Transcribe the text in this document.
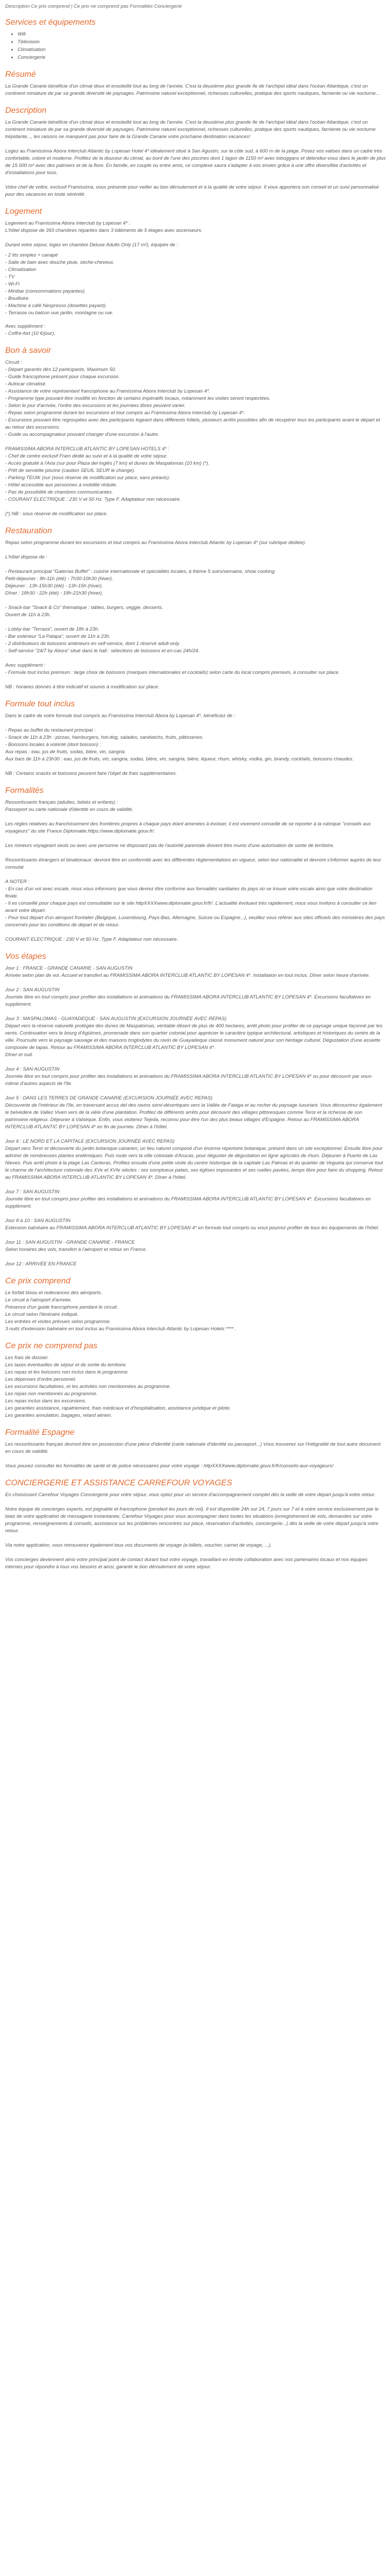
Description Ce prix comprend | Ce prix ne comprend pas Formalités Conciergerie
Services et équipements
• Wifi
• Télévision
• Climatisation
• Conciergerie
Résumé

La Grande Canarie bénéficie d'un climat doux et ensoleillé tout au long de l'année. C'est la deuxième plus grande île de l'archipel idéal dans l'océan Atlantique, c'est un continent miniature de par sa grande diversité de paysages. Patrimoine naturel exceptionnel, richesses culturelles, pratique des sports nautiques, farniente ou vie nocturne...

Description

La Grande Canarie bénéficie d'un climat doux et ensoleillé tout au long de l'année. C'est la deuxième plus grande île de l'archipel idéal dans l'océan Atlantique, c'est un continent miniature de par sa grande diversité de paysages. Patrimoine naturel exceptionnel, richesses culturelles, pratique des sports nautiques, farniente ou vie nocturne trépidante..., les raisons ne manquent pas pour faire de la Grande Canarie votre prochaine destination vacances!

Logez au Framissima Abora Interclub Atlantic by Lopesan Hotel 4* idéalement situé à San Agustín, sur la côte sud, à 600 m de la plage. Posez vos valises dans un cadre très confortable, coloré et moderne. Profitez de la douceur du climat, au bord de l'une des piscines dont 1 lagon de 1150 m² avec toboggans et détendez-vous dans le jardin de plus de 15 000 m² avec des palmiers et de la flore. En famille, en couple ou entre amis, ce complexe saura s'adapter à vos envies grâce à une offre diversifiée d'activités et d'installations pour tous.

Votre chef de voltre, exclusif Framissima, vous présente pour veiller au bon déroulement et à la qualité de votre séjour. Il vous apportera son conseil et un suivi personnalisé pour des vacances en toute sérénité.

Logement

Logement au Framissima Abora Interclub by Lopesan 4* :
L'hôtel dispose de 393 chambres réparties dans 3 bâtiments de 5 étages avec ascenseurs.

Durant votre séjour, logez en chambre Deluxe Adults Only (17 m²), équipée de :

- 2 lits simples + canapé
- Salle de bain avec douche pluie, sèche-cheveux.
- Climatisation
- TV
- Wi-Fi
- Minibar (consommations payantes).
- Bouilloire.
- Machine à café Nespresso (dosettes payant).
- Terrasse ou balcon vue jardin, montagne ou rue.
Avec supplément :

- Coffre-fort (10 €/jour).

Bon à savoir
Circuit :
- Départ garantis dès 12 participants. Maximum 50.
- Guide francophone présent pour chaque excursion.
- Autocar climatisé.
- Assistance de votre représentant francophone au Framissima Abora Interclub by Lopesan 4*.
- Programme type pouvant être modifié en fonction de certains impératifs locaux, notamment les visites seront respectées.
- Selon le jour d'arrivée, l'ordre des excursions et les journées libres peuvent varier.
- Repas selon programme durant les excursions et tout compris au Framissima Abora Interclub by Lopesan 4*.
- Excursions pouvant être regroupées avec des participants logeant dans différents hôtels, plusieurs arrêts possibles afin de récupérer tous les participants avant le départ et au retour des excursions.
- Guide ou accompagnateur pouvant changer d'une excursion à l'autre.
FRAMISSIMA ABORA INTERCLUB ATLANTIC BY LOPESAN HOTELS 4* :
- Chef de centre exclusif Fram dédié au suivi et à la qualité de votre séjour.
- Accès gratuité à l'Aria (sur pour Plaza del Inglés (7 km) et dunes de Maspalomas (10 km) (*).
- Prêt de serviette piscine (caution SEUIL SEUR le change).
- Parking TEUIK (sur (sous réserve de modification sur place, sans préavis).
- Hôtel accessible aux personnes à mobilité réduite.
- Pas de possibilité de chambres communicantes.
- COURANT ELECTRIQUE : 230 V et 50 Hz. Type F. Adaptateur non nécessaire.
(*) NB : sous réserve de modification sur place.
Restauration

Repas selon programme durant les excursions et tout compris au Framissima Abora Interclub Atlantic by Lopesan 4* (sur rubrique dédiée).

L'hôtel dispose de :

- Restaurant principal "Gaterías Buffet" : cuisine internationale et spécialités locales, à thème 5 soirs/semaine, show cooking.
Petit-déjeuner : 8h-11h (été) - 7h30-10h30 (hiver).
Déjeuner : 13h-15h30 (été) - 13h-15h (hiver).
Dîner : 18h30 - 22h (été) - 18h-21h30 (hiver).
- Snack-bar "Snack & Co" thématique : tables, burgers, veggie, desserts.
Ouvert de 11h à 23h.
- Lobby-bar "Terraza", ouvert de 18h à 23h.
- Bar extérieur "La Palapa", ouvert de 11h à 23h.
- 2 distributeurs de boissons antérieurs en self-service, dont 1 réservé adult-only.
- Self-service "24/7 by Abora" situé dans le hall : sélections de boissons et en-cas 24h/24.
Avec supplément :

- Formule tout inclus premium : large choix de boissons (marques internationales et cocktails) selon carte du local compris premium, à consulter sur place.

NB : horaires donnés à titre indicatif et soumis à modification sur place.

Formule tout inclus

Dans le cadre de votre formule tout compris au Framissima Interclub Abora by Lopesan 4*, bénéficiez de :

- Repas au buffet du restaurant principal :
- Snack de 11h à 23h : pizzas, hamburgers, hot-dog, salades, sandwichs, fruits, pâtisseries.
- Boissons locales à volonté (dont boisson) :
Aux repas : eau, jus de fruits, sodas, bière, vin, sangria.
Aux bars de 11h à 23h30 : eau, jus de fruits, vin, sangria, sodas, bière, vin, sangria, bière, liqueur, rhum, whisky, vodka, gin, brandy, cocktails, boissons chaudes.
NB : Certains snacks et boissons peuvent faire l'objet de frais supplémentaires.
Formalités
Ressortissants français (adultes, bébés et enfants) :
Passeport ou carte nationale d'identité en cours de validité.
Les règles relatives au franchissement des frontières propres à chaque pays étant amenées à évoluer, il est vivement conseillé de se reporter à la rubrique "conseils aux voyageurs" du site France Diplomatie.https://www.diplomatie.gouv.fr/.
Les mineurs voyageant seuls ou avec une personne ne disposant pas de l'autorité parentale doivent être munis d'une autorisation de sortie de territoire.
Ressortissants étrangers et binationaux: devront être en conformité avec les différentes réglementations en vigueur, selon leur nationalité et devront s'informer auprès de leur consulat.
A NOTER :
- En cas d'un vol avec escale, nous vous informons que vous devrez être conforme aux formalités sanitaires du pays où se trouve votre escale ainsi que votre destination finale.
- Il es conseillé pour chaque pays est consultable sur le site httpXXXXwww.diplomatie.gouv.fr/fr/. L'actualité évoluant très rapidement, nous vous invitons à consulter ce lien avant votre départ.
- Pour tout départ d'un aéroport frontalier (Belgique, Luxembourg, Pays-Bas, Allemagne, Suisse ou Espagne...), veuillez vous référer aux sites officiels des ministères des pays concernés pour les conditions de départ et de retour.
COURANT ELECTRIQUE : 230 V et 50 Hz. Type F. Adaptateur non nécessaire.
Vos étapes

Jour 1 : FRANCE - GRANDE CANARIE - SAN AUGUSTIN
Arrivée selon plan de vol. Accueil et transfert au FRAMISSIMA ABORA INTERCLUB ATLANTIC BY LOPESAN 4*. Installation en tout inclus. Dîner selon heure d'arrivée.

Jour 2 : SAN AUGUSTIN
Journée libre en tout compris pour profiter des installations et animations du FRAMISSIMA ABORA INTERCLUB ATLANTIC BY LOPESAN 4*. Excursions facultatives en supplément.

Jour 3 : MASPALOMAS - GUAYADEQUE - SAN AUGUSTIN (EXCURSION JOURNÉE AVEC REPAS)
Départ vers la réserve naturelle protégée des dunes de Maspalomas, véritable désert de plus de 400 hectares, arrêt photo pour profiter de ce paysage unique façonné par les vents. Continuation vers le bourg d'Agüimes, promenade dans son quartier colonial pour apprécier le caractère typique architectural, artistiques et historiques du centre de la ville. Poursuite vers le paysage sauvage et des maisons troglodytes du ravin de Guayadeque classé monument naturel pour son héritage culturel. Dégustation d'une assiette composée de tapas. Retour au FRAMISSIMA ABORA INTERCLUB ATLANTIC BY LOPESAN 4*.
Dîner et nuit.

Jour 4 : SAN AUGUSTIN
Journée libre en tout compris pour profiter des installations et animations du FRAMISSIMA ABORA INTERCLUB ATLANTIC BY LOPESAN 4* ou pour découvrir par vous-même d'autres aspects de l'île.

Jour 5 : DANS LES TERRES DE GRANDE CANARIE (EXCURSION JOURNÉE AVEC REPAS)
Découverte de l'intérieur de l'île, en traversant accus del des ravins semi-désertiques vers la Vallée de Fataga et au rocher du paysage luxuriant. Vous découvrirez également le belvédère de Vallez Viven vers de la vièle d'une plantation. Profitez de différents arrêts pour découvrir des villages pittoresques comme Teror et la richesse de son patrimoine religieux. Déjeuner à Valsèque. Enfin, vous visiterez Tejeda, reconnu pour être l'un des plus beaux villages d'Espagne. Retour au FRAMISSIMA ABORA INTERCLUB ATLANTIC BY LOPESAN 4* en fin de journée. Dîner à l'hôtel.

Jour 6 : LE NORD ET LA CAPITALE (EXCURSION JOURNÉE AVEC REPAS)
Départ vers Teror et découverte du jardin botanique canarien, un lieu naturel composé d'un énorme répertoire botanique, présent dans un site exceptionnel. Ensuite libre pour admirer de nombreuses plantes endémiques. Puis route vers la ville coloniale d'Arucas, pour déguster de dégustation en ligne agricoles de rhum. Déjeuner à Puerto de Las Nieves. Puis arrêt photo à la plage Las Canteras. Profitez ensuite d'une petite visite du centre historique de la capitale Las Palmas et du quartier de Vegueta qui conserve tout le charme de l'architecture coloniale des XVe et XVIe siècles : ses somptueux palais, ses églises imposantes et ses ruelles pavées, temps libre pour faire du shopping. Retour au FRAMISSIMA ABORA INTERCLUB ATLANTIC BY LOPESAN 4*. Dîner à l'hôtel.

Jour 7 : SAN AUGUSTIN
Journée libre en tout compris pour profiter des installations et animations du FRAMISSIMA ABORA INTERCLUB ATLANTIC BY LOPESAN 4*. Excursions facultatives en supplément.

Jour 8 à 10 : SAN AUGUSTIN
Extension balnéaire au FRAMISSIMA ABORA INTERCLUB ATLANTIC BY LOPESAN 4* en formule tout compris ou vous pourrez profiter de tous les équipements de l'hôtel.

Jour 11 : SAN AUGUSTIN - GRANDE CANARIE - FRANCE
Selon horaires des vols, transfert à l'aéroport et retour en France.

Jour 12 : ARRIVÉE EN FRANCE

Ce prix comprend
Le forfait bisou et redevances des aéroports.
Le circuit à l'aéroport d'arrivée.
Présence d'un guide francophone pendant le circuit.
Le circuit selon l'itinéraire indiqué.
Les entrées et visites prévues selon programme.
3 nuits d'extension balnéaire en tout inclus au Framissima Abora Interclub Atlantic by Lopesan Hotels **** .
Ce prix ne comprend pas
Les frais de dossier.
Les taxes éventuelles de séjour et de sortie du territoire.
Les repas et les boissons non inclus dans le programme.
Les dépenses d'ordre personnel.
Les excursions facultatives, et les activités non mentionnées au programme.
Les repas non mentionnés au programme.
Les repas inclus dans les excursions.
Les garanties assistance, rapatriement, frais médicaux et d'hospitalisation, assistance juridique et pilote.
Les garanties annulation, bagages, retard aérien.
Formalité Espagne
Les ressortissants français devront être en possession d'une pièce d'identité (carte nationale d'identité ou passeport...) Vous trouverez sur l'intégralité de tout autre document en cours de validité.
Vous pouvez consulter les formalités de santé et de police nécessaires pour votre voyage : httpXXXXwww.diplomatie.gouv.fr/fr/conseils-aux-voyageurs/
CONCIERGERIE ET ASSISTANCE CARREFOUR VOYAGES

En choisissant Carrefour Voyages Conciergerie pour votre séjour, vous optez pour un service d'accompagnement complet dès la veille de votre départ jusqu'à votre retour.

Notre équipe de concierges experts, est joignable et francophone (pendant les jours de vol). Il est disponible 24h sur 24, 7 jours sur 7 et à votre service exclusivement par le biais de votre application de messagerie instantanée, Carrefour Voyages pour vous accompagner dans toutes les situations (enregistrement de vols, demandes sur votre programme, renseignements & conseils, assistance sur les problèmes rencontrés sur place, réservation d'activités, conciergerie...) dès la veille de votre départ jusqu'à votre retour.

Via notre application, vous retrouverez également tous vos documents de voyage (e-billets, voucher, carnet de voyage, ...).

Vos concierges deviennent ainsi votre principal point de contact durant tout votre voyage, travaillant en étroite collaboration avec nos partenaires locaux et nos équipes internes pour répondre à tous vos besoins et ainsi, garantir le bon déroulement de votre séjour.
